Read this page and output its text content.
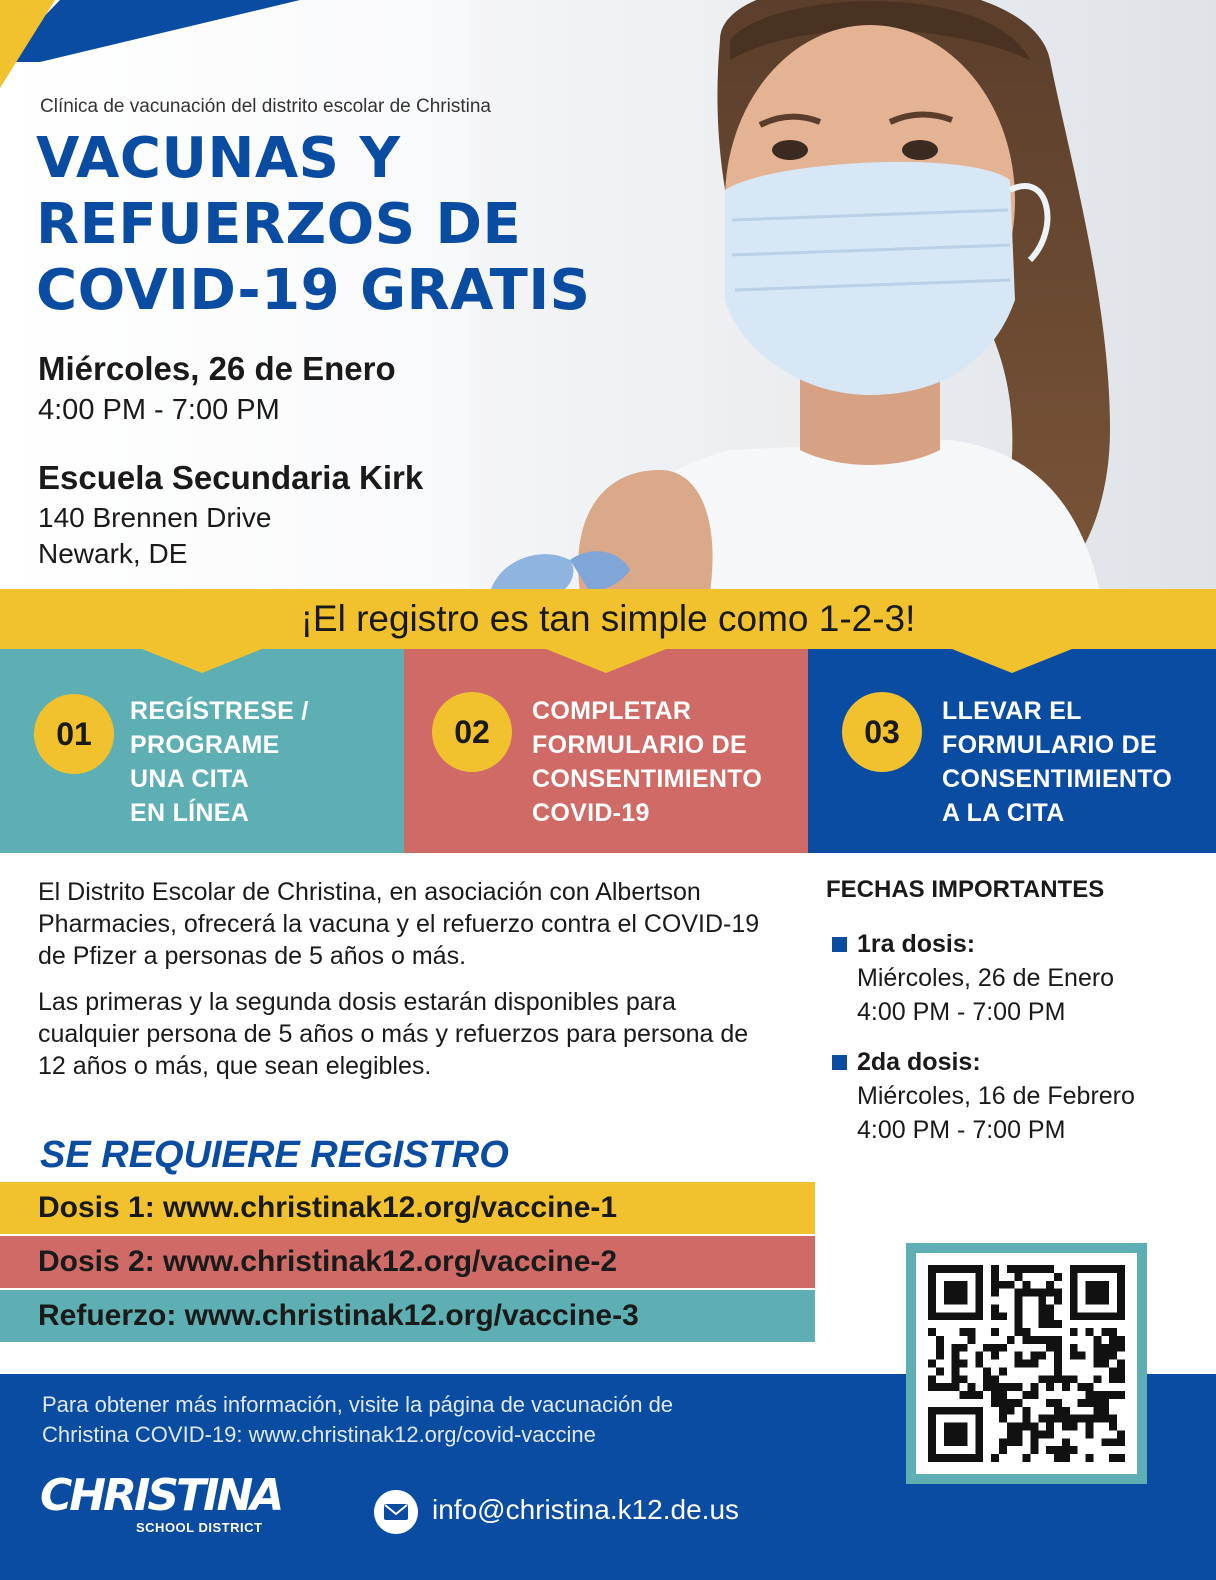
Clínica de vacunación del distrito escolar de Christina
VACUNAS Y
REFUERZOS DE
COVID-19 GRATIS
Miércoles, 26 de Enero
4:00 PM - 7:00 PM
Escuela Secundaria Kirk
140 Brennen Drive
Newark, DE
¡El registro es tan simple como 1-2-3!
01
REGÍSTRESE /
PROGRAME
UNA CITA
EN LÍNEA
02
COMPLETAR
FORMULARIO DE
CONSENTIMIENTO
COVID-19
03
LLEVAR EL
FORMULARIO DE
CONSENTIMIENTO
A LA CITA

El Distrito Escolar de Christina, en asociación con Albertson Pharmacies, ofrecerá la vacuna y el refuerzo contra el COVID-19 de Pfizer a personas de 5 años o más.

Las primeras y la segunda dosis estarán disponibles para cualquier persona de 5 años o más y refuerzos para persona de 12 años o más, que sean elegibles.

FECHAS IMPORTANTES
1ra dosis:
Miércoles, 26 de Enero
4:00 PM - 7:00 PM
2da dosis:
Miércoles, 16 de Febrero
4:00 PM - 7:00 PM
SE REQUIERE REGISTRO
Dosis 1: www.christinak12.org/vaccine-1
Dosis 2: www.christinak12.org/vaccine-2
Refuerzo: www.christinak12.org/vaccine-3
Para obtener más información, visite la página de vacunación de
Christina COVID-19: www.christinak12.org/covid-vaccine
CHRISTINA
SCHOOL DISTRICT
info@christina.k12.de.us
